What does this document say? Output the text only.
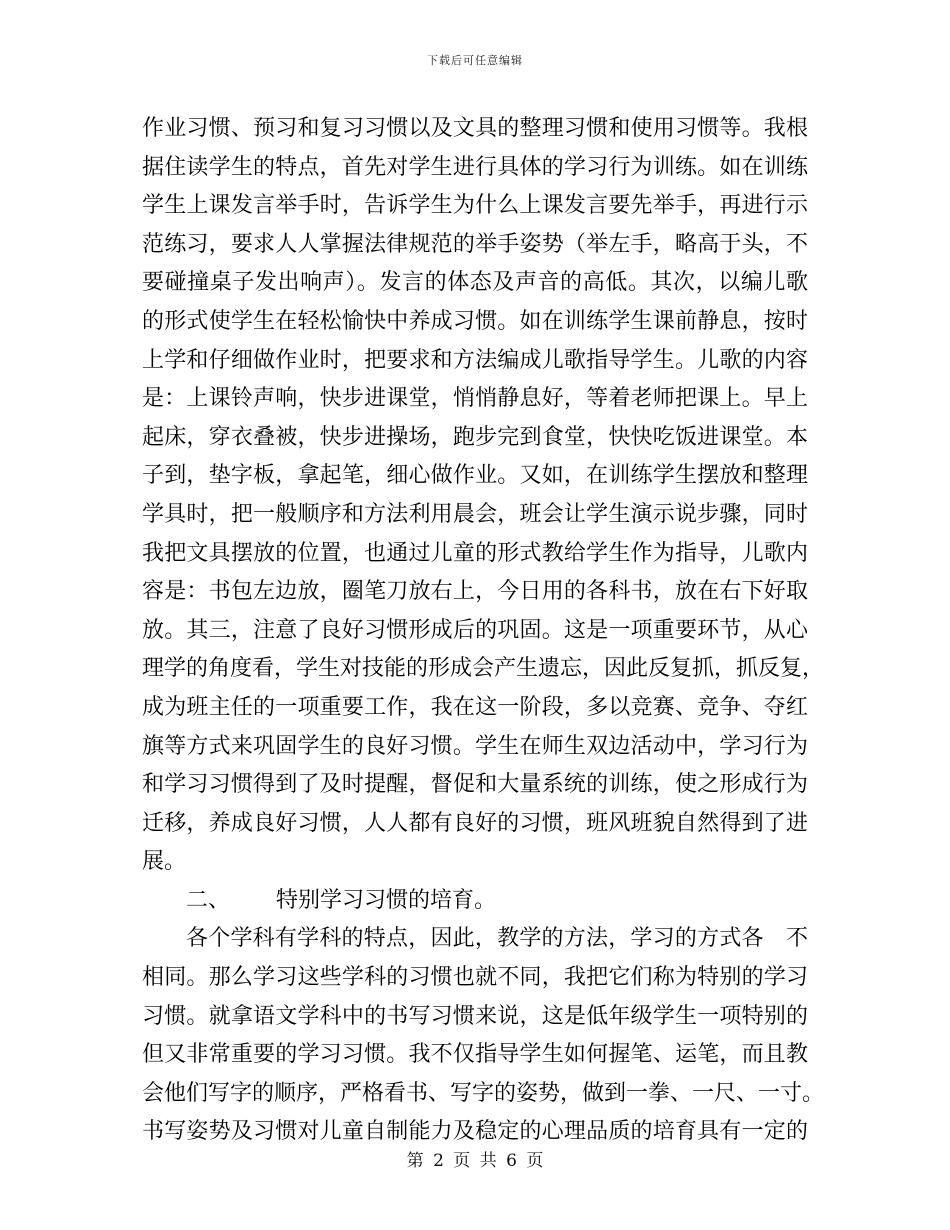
下载后可任意编辑
作业习惯、预习和复习习惯以及文具的整理习惯和使用习惯等。我根
据住读学生的特点，首先对学生进行具体的学习行为训练。如在训练
学生上课发言举手时，告诉学生为什么上课发言要先举手，再进行示
范练习，要求人人掌握法律规范的举手姿势（举左手，略高于头，不
要碰撞桌子发出响声）。发言的体态及声音的高低。其次，以编儿歌
的形式使学生在轻松愉快中养成习惯。如在训练学生课前静息，按时
上学和仔细做作业时，把要求和方法编成儿歌指导学生。儿歌的内容
是：上课铃声响，快步进课堂，悄悄静息好，等着老师把课上。早上
起床，穿衣叠被，快步进操场，跑步完到食堂，快快吃饭进课堂。本
子到，垫字板，拿起笔，细心做作业。又如，在训练学生摆放和整理
学具时，把一般顺序和方法利用晨会，班会让学生演示说步骤，同时
我把文具摆放的位置，也通过儿童的形式教给学生作为指导，儿歌内
容是：书包左边放，圈笔刀放右上，今日用的各科书，放在右下好取
放。其三，注意了良好习惯形成后的巩固。这是一项重要环节，从心
理学的角度看，学生对技能的形成会产生遗忘，因此反复抓，抓反复，
成为班主任的一项重要工作，我在这一阶段，多以竞赛、竞争、夺红
旗等方式来巩固学生的良好习惯。学生在师生双边活动中，学习行为
和学习习惯得到了及时提醒，督促和大量系统的训练，使之形成行为
迁移，养成良好习惯，人人都有良好的习惯，班风班貌自然得到了进
展。
二、 特别学习习惯的培育。
各个学科有学科的特点，因此，教学的方法，学习的方式各　不
相同。那么学习这些学科的习惯也就不同，我把它们称为特别的学习
习惯。就拿语文学科中的书写习惯来说，这是低年级学生一项特别的
但又非常重要的学习习惯。我不仅指导学生如何握笔、运笔，而且教
会他们写字的顺序，严格看书、写字的姿势，做到一拳、一尺、一寸。
书写姿势及习惯对儿童自制能力及稳定的心理品质的培育具有一定的
第 2 页 共 6 页
